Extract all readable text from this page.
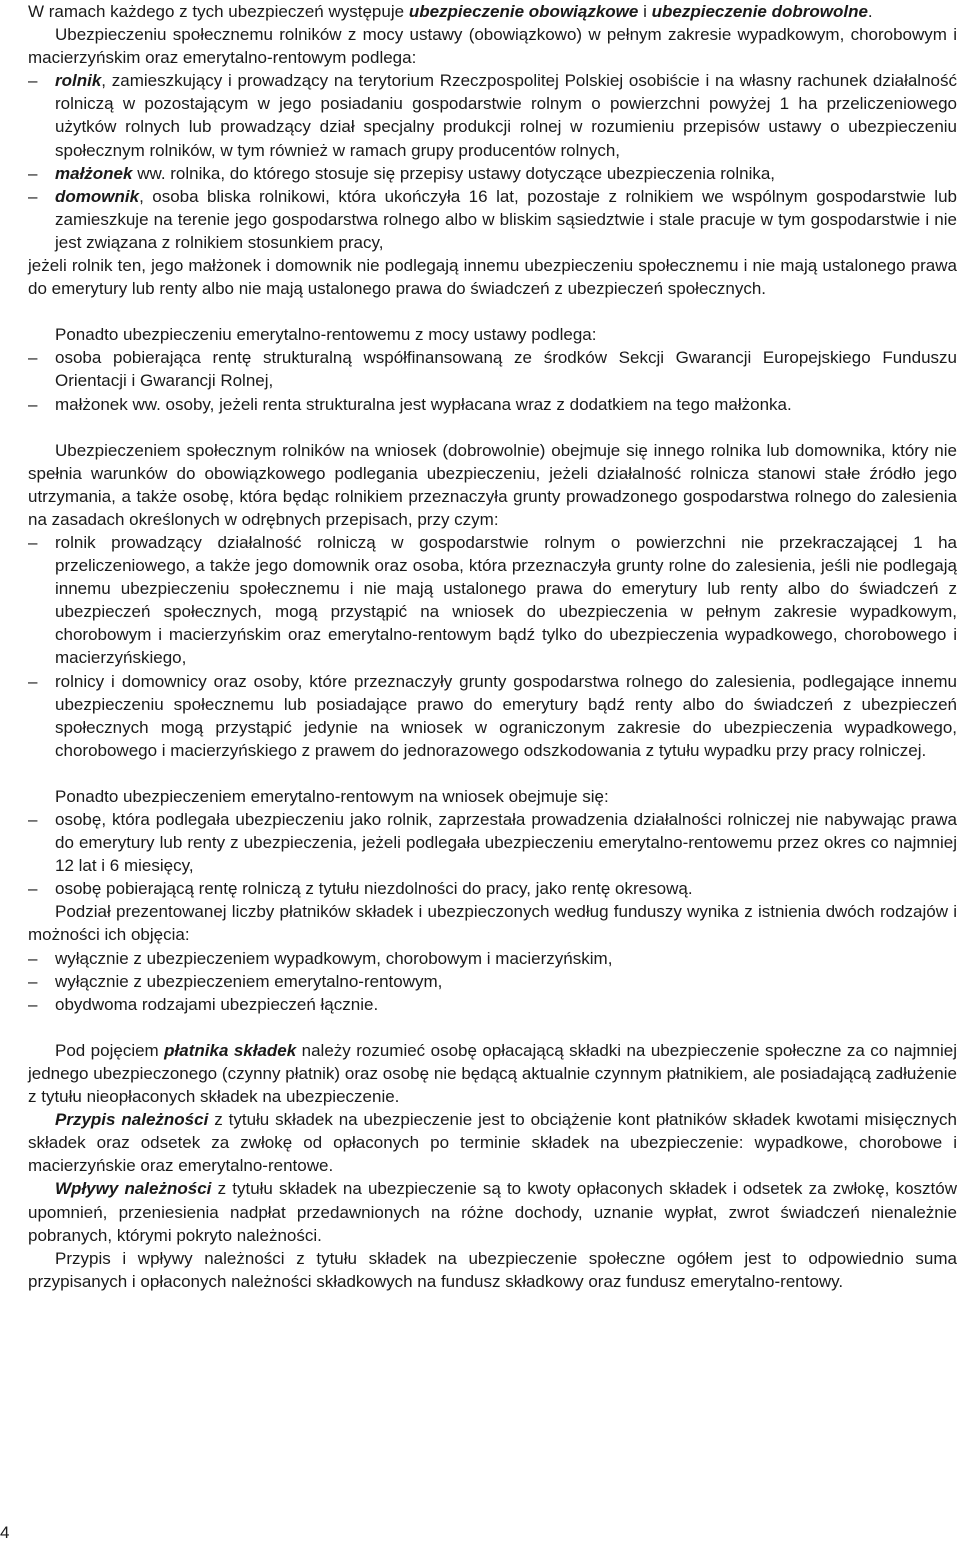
W ramach każdego z tych ubezpieczeń występuje ubezpieczenie obowiązkowe i ubezpieczenie dobrowolne.

Ubezpieczeniu społecznemu rolników z mocy ustawy (obowiązkowo) w pełnym zakresie wypadkowym, chorobowym i macierzyńskim oraz emerytalno-rentowym podlega:

– rolnik, zamieszkujący i prowadzący na terytorium Rzeczpospolitej Polskiej osobiście i na własny rachunek działalność rolniczą w pozostającym w jego posiadaniu gospodarstwie rolnym o powierzchni powyżej 1 ha przeliczeniowego użytków rolnych lub prowadzący dział specjalny produkcji rolnej w rozumieniu przepisów ustawy o ubezpieczeniu społecznym rolników, w tym również w ramach grupy producentów rolnych,
– małżonek ww. rolnika, do którego stosuje się przepisy ustawy dotyczące ubezpieczenia rolnika,
– domownik, osoba bliska rolnikowi, która ukończyła 16 lat, pozostaje z rolnikiem we wspólnym gospodarstwie lub zamieszkuje na terenie jego gospodarstwa rolnego albo w bliskim sąsiedztwie i stale pracuje w tym gospodarstwie i nie jest związana z rolnikiem stosunkiem pracy,

jeżeli rolnik ten, jego małżonek i domownik nie podlegają innemu ubezpieczeniu społecznemu i nie mają ustalonego prawa do emerytury lub renty albo nie mają ustalonego prawa do świadczeń z ubezpieczeń społecznych.

Ponadto ubezpieczeniu emerytalno-rentowemu z mocy ustawy podlega:

– osoba pobierająca rentę strukturalną współfinansowaną ze środków Sekcji Gwarancji Europejskiego Funduszu Orientacji i Gwarancji Rolnej,
– małżonek ww. osoby, jeżeli renta strukturalna jest wypłacana wraz z dodatkiem na tego małżonka.

Ubezpieczeniem społecznym rolników na wniosek (dobrowolnie) obejmuje się innego rolnika lub domownika, który nie spełnia warunków do obowiązkowego podlegania ubezpieczeniu, jeżeli działalność rolnicza stanowi stałe źródło jego utrzymania, a także osobę, która będąc rolnikiem przeznaczyła grunty prowadzonego gospodarstwa rolnego do zalesienia na zasadach określonych w odrębnych przepisach, przy czym:

– rolnik prowadzący działalność rolniczą w gospodarstwie rolnym o powierzchni nie przekraczającej 1 ha przeliczeniowego, a także jego domownik oraz osoba, która przeznaczyła grunty rolne do zalesienia, jeśli nie podlegają innemu ubezpieczeniu społecznemu i nie mają ustalonego prawa do emerytury lub renty albo do świadczeń z ubezpieczeń społecznych, mogą przystąpić na wniosek do ubezpieczenia w pełnym zakresie wypadkowym, chorobowym i macierzyńskim oraz emerytalno-rentowym bądź tylko do ubezpieczenia wypadkowego, chorobowego i macierzyńskiego,
– rolnicy i domownicy oraz osoby, które przeznaczyły grunty gospodarstwa rolnego do zalesienia, podlegające innemu ubezpieczeniu społecznemu lub posiadające prawo do emerytury bądź renty albo do świadczeń z ubezpieczeń społecznych mogą przystąpić jedynie na wniosek w ograniczonym zakresie do ubezpieczenia wypadkowego, chorobowego i macierzyńskiego z prawem do jednorazowego odszkodowania z tytułu wypadku przy pracy rolniczej.

Ponadto ubezpieczeniem emerytalno-rentowym na wniosek obejmuje się:

– osobę, która podlegała ubezpieczeniu jako rolnik, zaprzestała prowadzenia działalności rolniczej nie nabywając prawa do emerytury lub renty z ubezpieczenia, jeżeli podlegała ubezpieczeniu emerytalno-rentowemu przez okres co najmniej 12 lat i 6 miesięcy,
– osobę pobierającą rentę rolniczą z tytułu niezdolności do pracy, jako rentę okresową.

Podział prezentowanej liczby płatników składek i ubezpieczonych według funduszy wynika z istnienia dwóch rodzajów i możności ich objęcia:

– wyłącznie z ubezpieczeniem wypadkowym, chorobowym i macierzyńskim,
– wyłącznie z ubezpieczeniem emerytalno-rentowym,
– obydwoma rodzajami ubezpieczeń łącznie.

Pod pojęciem płatnika składek należy rozumieć osobę opłacającą składki na ubezpieczenie społeczne za co najmniej jednego ubezpieczonego (czynny płatnik) oraz osobę nie będącą aktualnie czynnym płatnikiem, ale posiadającą zadłużenie z tytułu nieopłaconych składek na ubezpieczenie.

Przypis należności z tytułu składek na ubezpieczenie jest to obciążenie kont płatników składek kwotami misięcznych składek oraz odsetek za zwłokę od opłaconych po terminie składek na ubezpieczenie: wypadkowe, chorobowe i macierzyńskie oraz emerytalno-rentowe.

Wpływy należności z tytułu składek na ubezpieczenie są to kwoty opłaconych składek i odsetek za zwłokę, kosztów upomnień, przeniesienia nadpłat przedawnionych na różne dochody, uznanie wypłat, zwrot świadczeń nienależnie pobranych, którymi pokryto należności.

Przypis i wpływy należności z tytułu składek na ubezpieczenie społeczne ogółem jest to odpowiednio suma przypisanych i opłaconych należności składkowych na fundusz składkowy oraz fundusz emerytalno-rentowy.

4
